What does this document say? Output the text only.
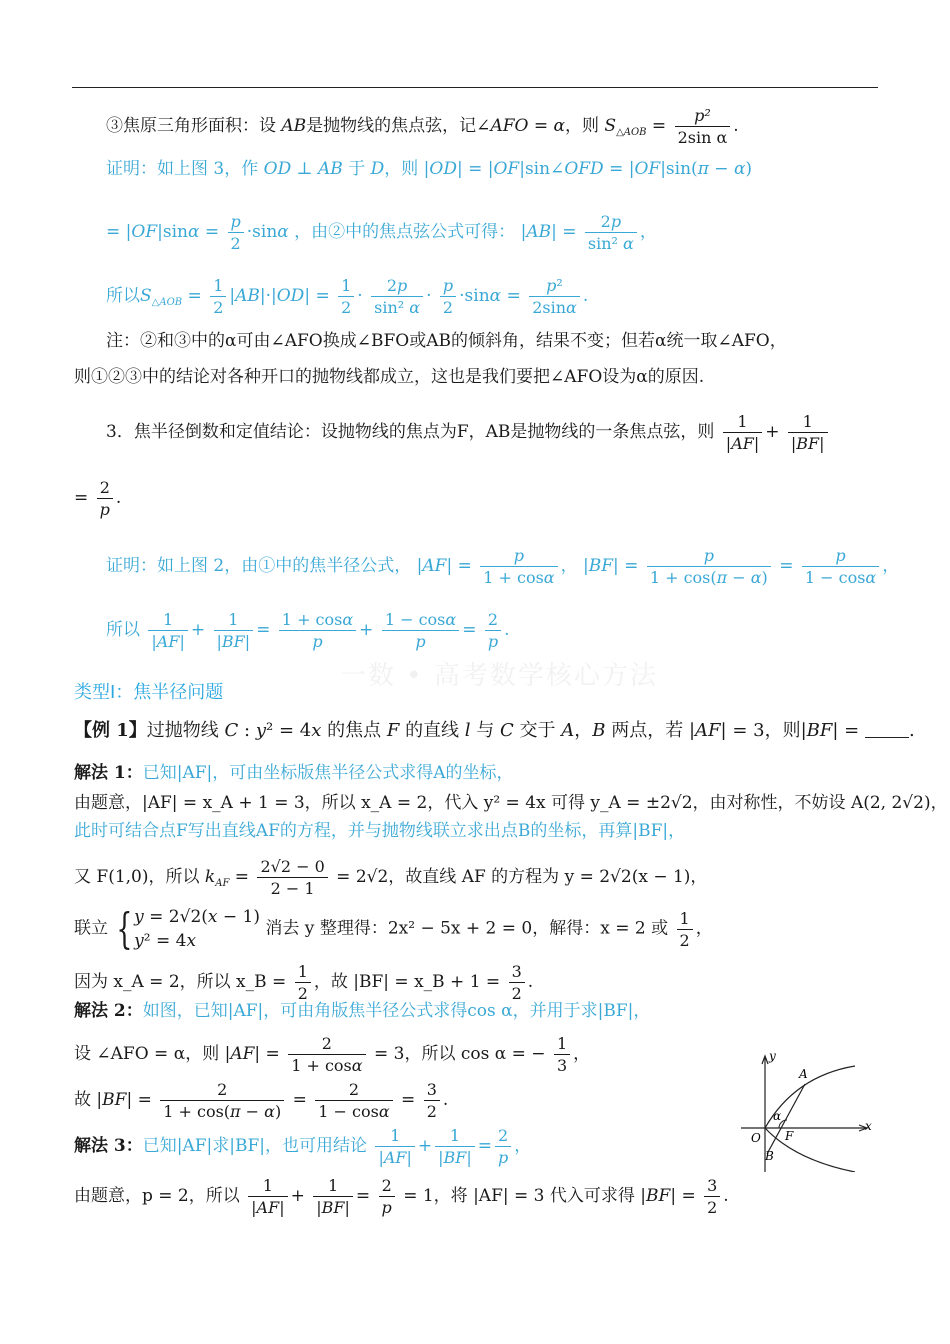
一数 • 高考数学核心方法
③焦原三角形面积：设 AB是抛物线的焦点弦，记∠AFO = α，则 $S_{\triangle AOB} = \frac{\text{p²}}{\text{2sin α}}$ .
证明：如上图 3，作 OD ⊥ AB 于 D，则 |OD| = |OF|sin∠OFD = |OF|sin(π − α)
= $|OF|\sin\alpha = \frac{p}{2} \cdot\sin\alpha$ ，由②中的焦点弦公式可得： $|AB| = \frac{2p}{\text{sin² α}}$ ，
所以$S_{\triangle AOB} = \frac{1}{2} |AB|\cdot|OD| = \frac{1}{2} \cdot \frac{2p}{\text{sin² α}} \cdot \frac{p}{2} \cdot\sin\alpha = \frac{\text{p²}}{2\sin\alpha}$ .
注：②和③中的α可由∠AFO换成∠BFO或AB的倾斜角，结果不变；但若α统一取∠AFO，
则①②③中的结论对各种开口的抛物线都成立，这也是我们要把∠AFO设为α的原因.
3．焦半径倒数和定值结论：设抛物线的焦点为F，AB是抛物线的一条焦点弦，则 $\frac{1}{|AF|} + \frac{1}{|BF|}$
= $\frac{2}{p}$ .
证明：如上图 2，由①中的焦半径公式， $|AF| = \frac{p}{1 + \cos\alpha}$ ， $|BF| = \frac{p}{1 + \cos(\pi - \alpha)} = \frac{p}{1 - \cos\alpha}$ ，
所以 $\frac{1}{|AF|} + \frac{1}{|BF|} = \frac{1 + \cos\alpha}{p} + \frac{1 - \cos\alpha}{p} = \frac{2}{p}$ .
类型Ⅰ：焦半径问题
【例 1】过抛物线 C : y² = 4x 的焦点 F 的直线 l 与 C 交于 A，B 两点，若 |AF| = 3，则|BF| = .
解法 1：已知|AF|，可由坐标版焦半径公式求得A的坐标，
由题意，|AF| = x_A + 1 = 3，所以 x_A = 2，代入 y² = 4x 可得 y_A = ±2√2，由对称性，不妨设 A(2, 2√2)，
此时可结合点F写出直线AF的方程，并与抛物线联立求出点B的坐标，再算|BF|，
又 F(1,0)，所以 $k_{AF} = \frac{2√2 - 0}{2 - 1} = 2√2$，故直线 AF 的方程为 y = 2√2(x − 1)，
联立 {y = 2√2(x − 1)
y² = 4x 消去 y 整理得：2x² − 5x + 2 = 0，解得：x = 2 或 $\frac{1}{2}$ ，
因为 x_A = 2，所以 x_B = $\frac{1}{2}$ ，故 |BF| = x_B + $1 = \frac{3}{2}$ .
解法 2：如图，已知|AF|，可由角版焦半径公式求得cos α，并用于求|BF|，
设 ∠AFO = α，则 $|AF| = \frac{2}{1 + \cos\alpha} = 3$，所以 cos α = − $\frac{1}{3}$ ，
故 $|BF| = \frac{2}{1 + \cos(\pi - \alpha)} = \frac{2}{1 - \cos\alpha} = \frac{3}{2}$ .
解法 3：已知|AF|求|BF|，也可用结论 $\frac{1}{|AF|} + \frac{1}{|BF|} = \frac{2}{p}$ ，
由题意，p = 2，所以 $\frac{1}{|AF|} + \frac{1}{|BF|} = \frac{2}{p} = 1$，将 |AF| = 3 代入可求得 $|BF| = \frac{3}{2}$ .
y
x
O F
A
B
α
